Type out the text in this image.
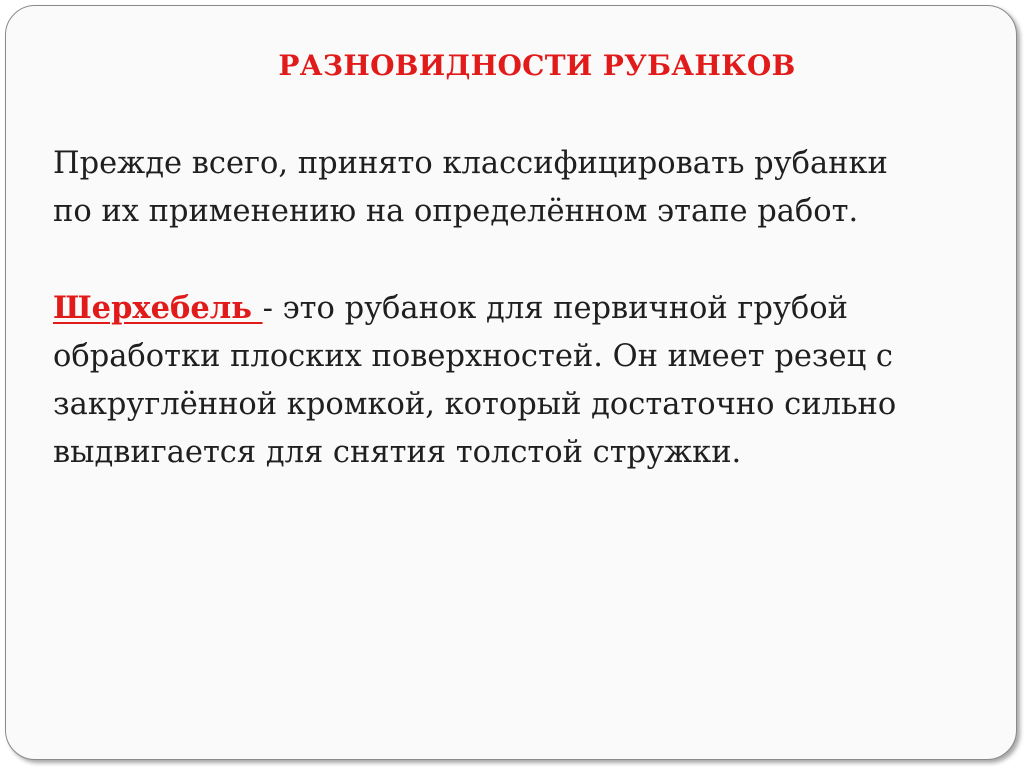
РАЗНОВИДНОСТИ РУБАНКОВ

Прежде всего, принято классифицировать рубанки

по их применению на определённом этапе работ.

Шерхебель - это рубанок для первичной грубой

обработки плоских поверхностей. Он имеет резец с

закруглённой кромкой, который достаточно сильно

выдвигается для снятия толстой стружки.
